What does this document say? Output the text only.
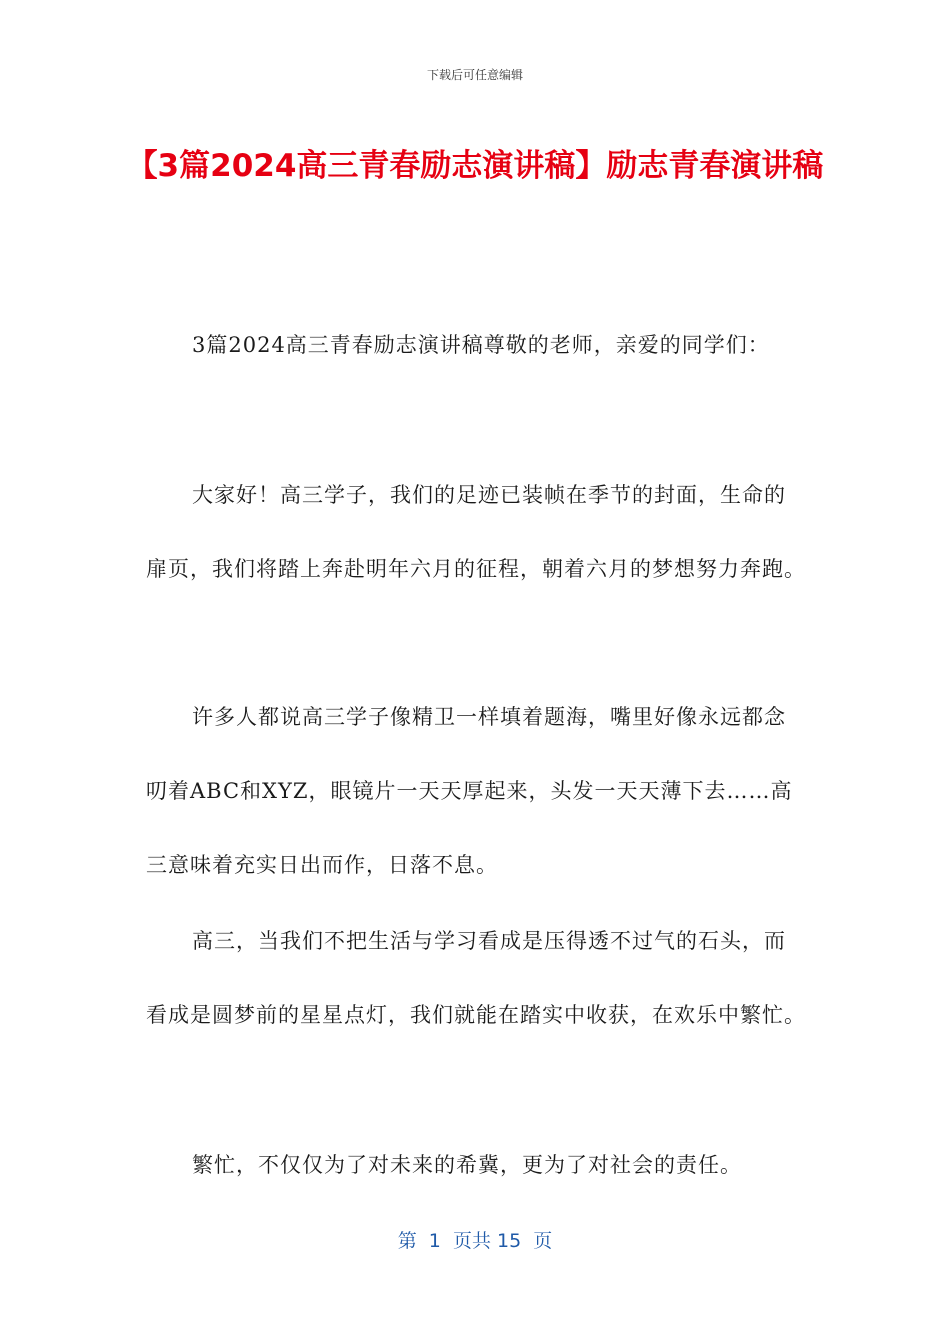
下载后可任意编辑
【3篇2024高三青春励志演讲稿】励志青春演讲稿

3篇2024高三青春励志演讲稿尊敬的老师，亲爱的同学们：

大家好！高三学子，我们的足迹已装帧在季节的封面，生命的扉页，我们将踏上奔赴明年六月的征程，朝着六月的梦想努力奔跑。

许多人都说高三学子像精卫一样填着题海，嘴里好像永远都念叨着ABC和XYZ，眼镜片一天天厚起来，头发一天天薄下去……高三意味着充实日出而作，日落不息。

高三，当我们不把生活与学习看成是压得透不过气的石头，而看成是圆梦前的星星点灯，我们就能在踏实中收获，在欢乐中繁忙。

繁忙，不仅仅为了对未来的希冀，更为了对社会的责任。

第  1  页共 15  页
